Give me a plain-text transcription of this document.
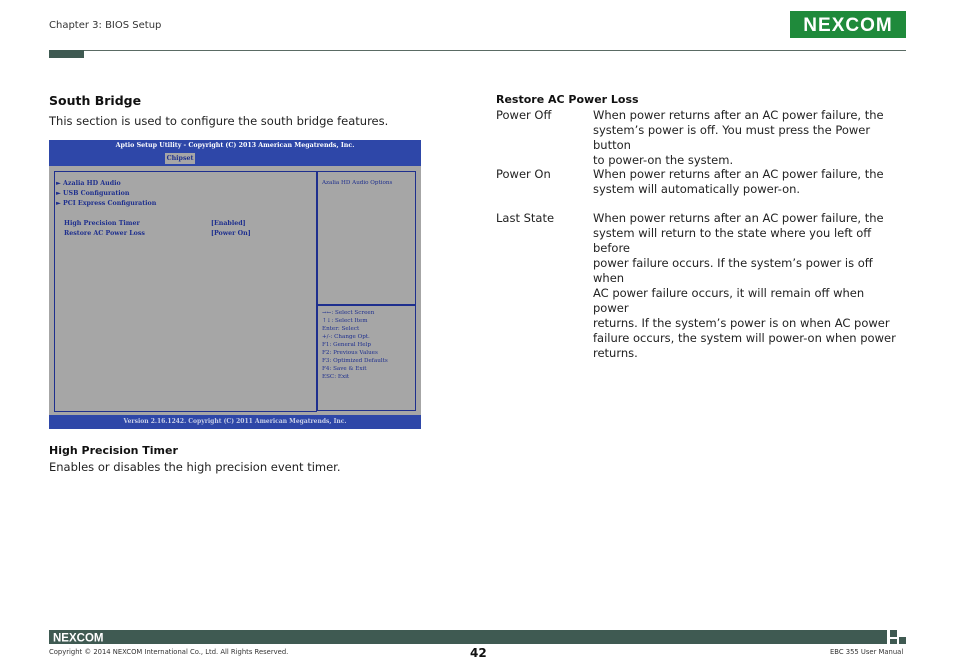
Chapter 3: BIOS Setup	NEXCOM
South Bridge
This section is used to configure the south bridge features.
Aptio Setup Utility - Copyright (C) 2013 American Megatrends, Inc.
Chipset
► Azalia HD Audio
► USB Configuration
► PCI Express Configuration
High Precision Timer	[Enabled]
Restore AC Power Loss	[Power On]
Azalia HD Audio Options
→←: Select Screen
↑↓: Select Item
Enter: Select
+/-: Change Opt.
F1: General Help
F2: Previous Values
F3: Optimized Defaults
F4: Save & Exit
ESC: Exit
Version 2.16.1242. Copyright (C) 2011 American Megatrends, Inc.
High Precision Timer
Enables or disables the high precision event timer.
Restore AC Power Loss
Power Off	When power returns after an AC power failure, the
system’s power is off. You must press the Power button
to power-on the system.
Power On	When power returns after an AC power failure, the
system will automatically power-on.
Last State	When power returns after an AC power failure, the
system will return to the state where you left off before
power failure occurs. If the system’s power is off when
AC power failure occurs, it will remain off when power
returns. If the system’s power is on when AC power
failure occurs, the system will power-on when power
returns.
NEXCOM
Copyright © 2014 NEXCOM International Co., Ltd. All Rights Reserved.	42	EBC 355 User Manual
